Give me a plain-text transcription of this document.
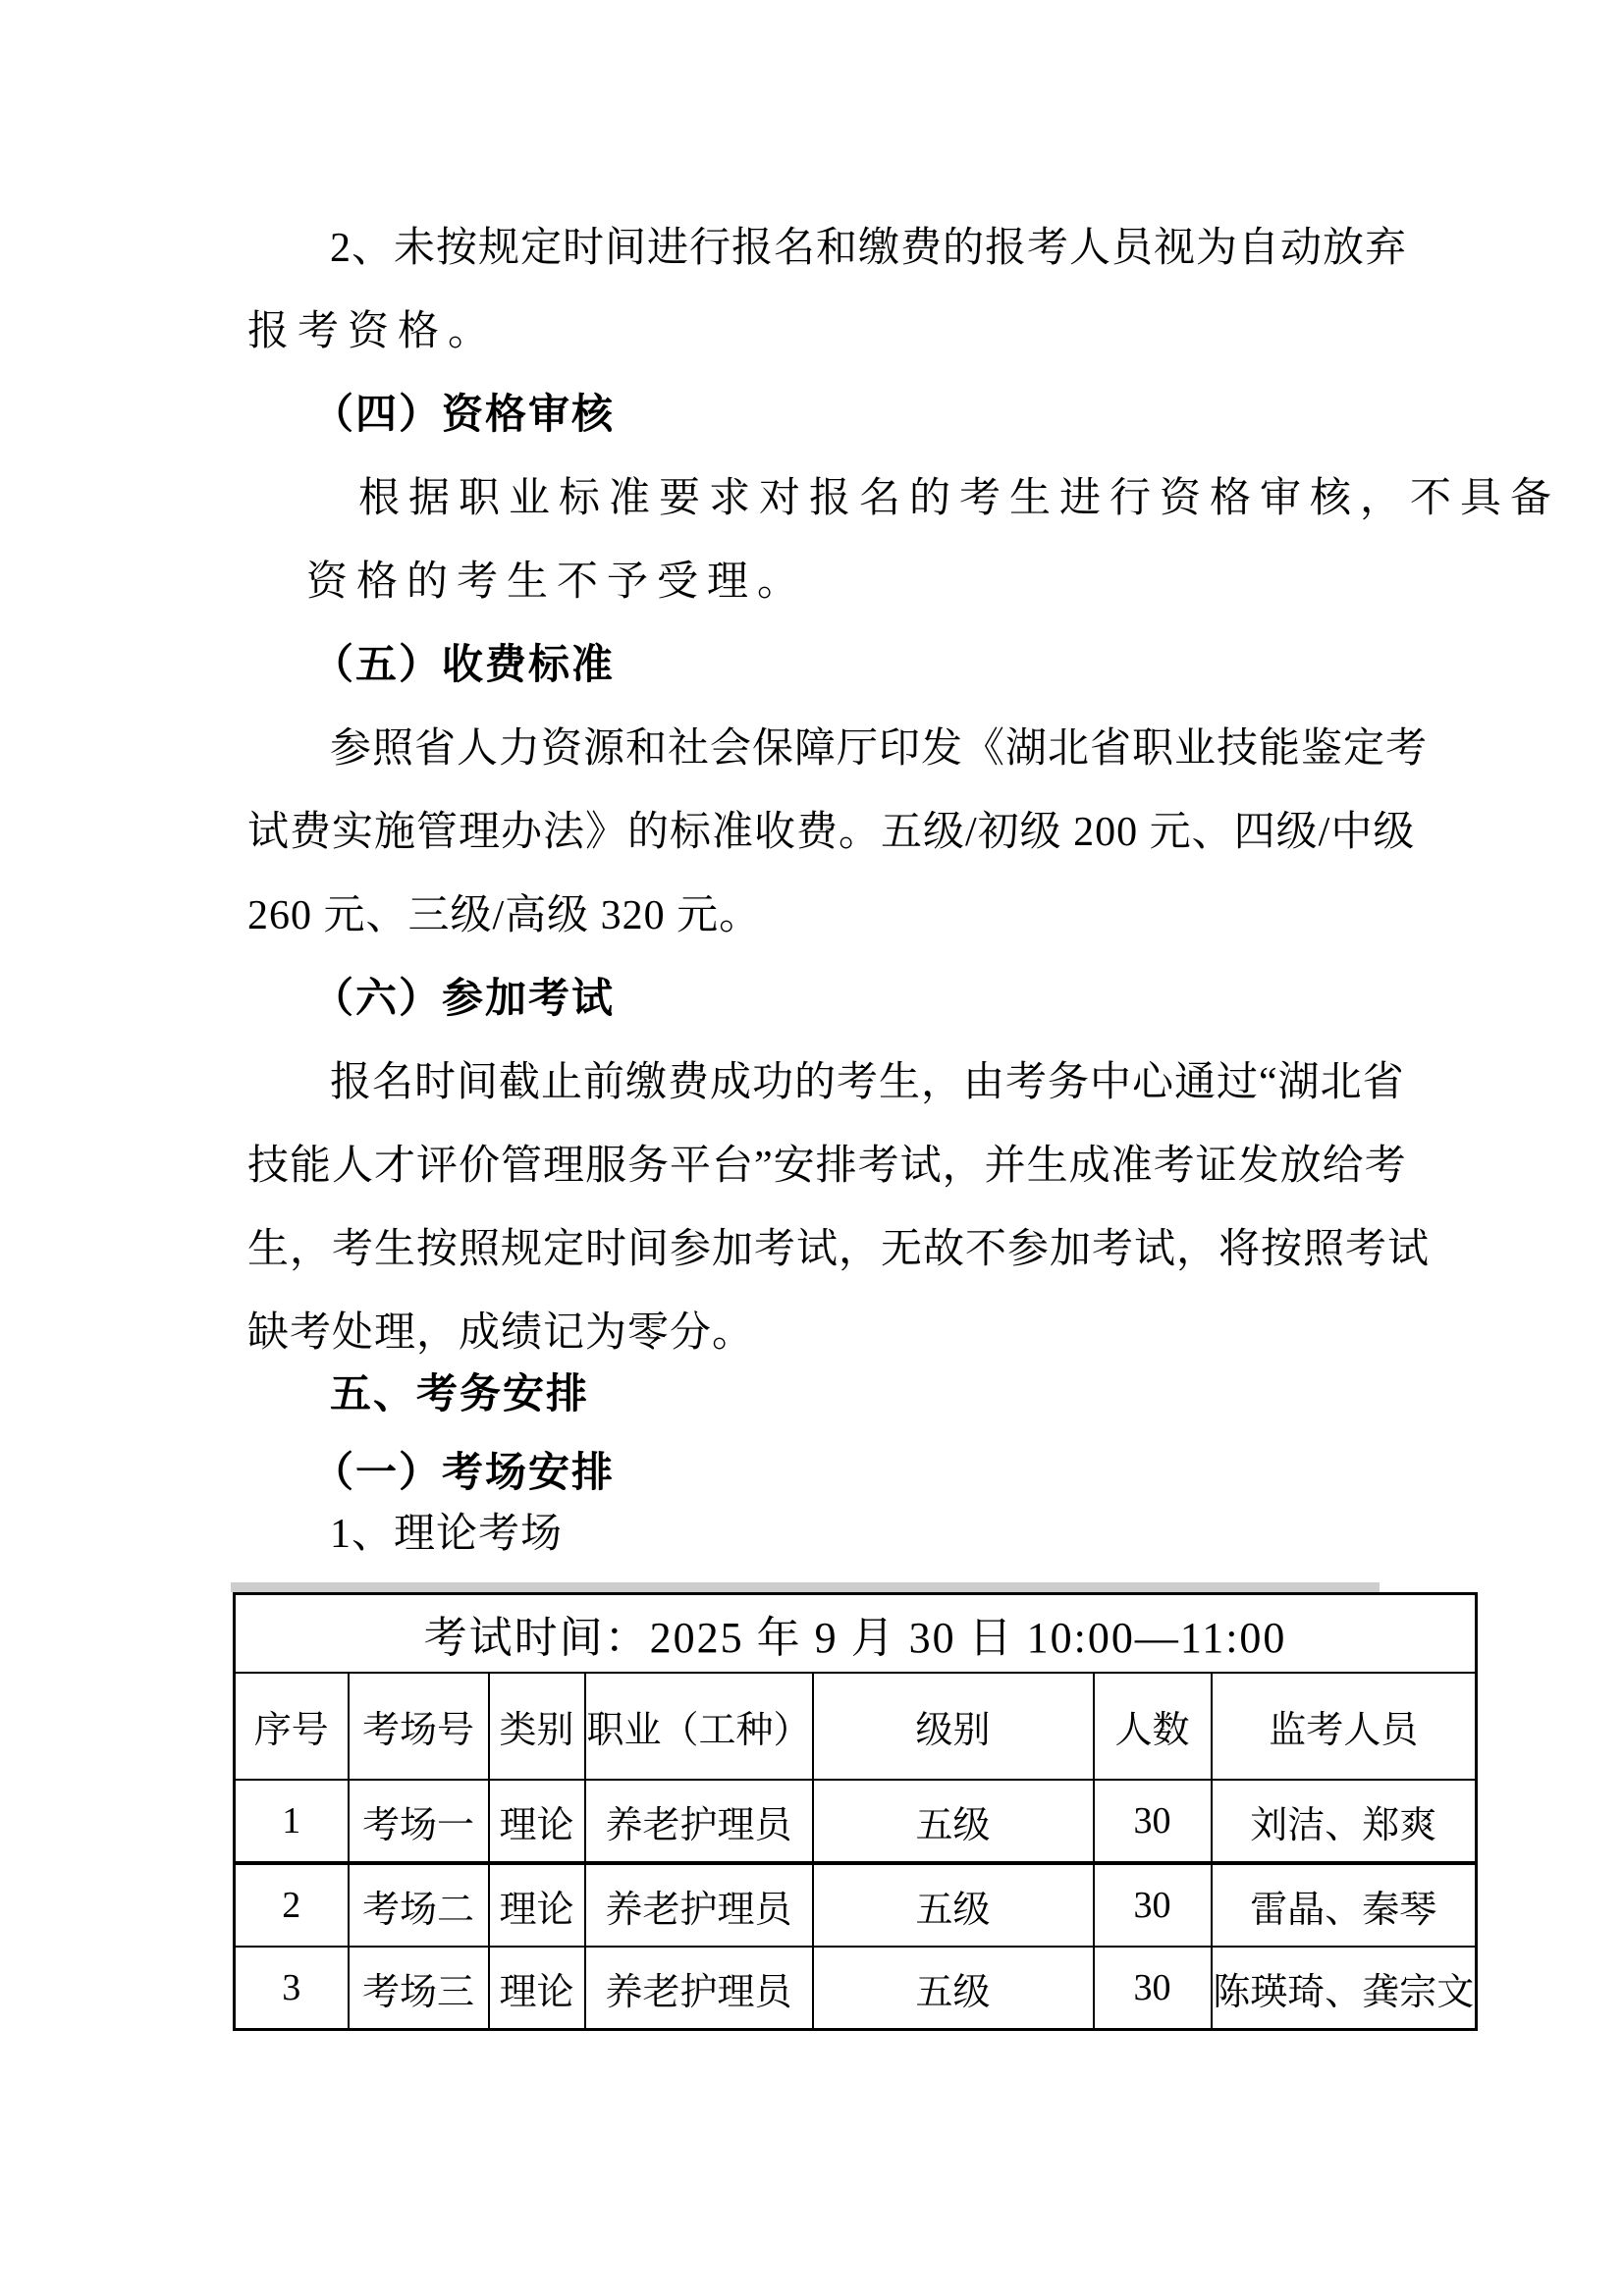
2、未按规定时间进行报名和缴费的报考人员视为自动放弃
报考资格。
（四）资格审核
根据职业标准要求对报名的考生进行资格审核，不具备
资格的考生不予受理。
（五）收费标准
参照省人力资源和社会保障厅印发《湖北省职业技能鉴定考
试费实施管理办法》的标准收费。五级/初级 200 元、四级/中级
260 元、三级/高级 320 元。
（六）参加考试
报名时间截止前缴费成功的考生，由考务中心通过“湖北省
技能人才评价管理服务平台”安排考试，并生成准考证发放给考
生，考生按照规定时间参加考试，无故不参加考试，将按照考试
缺考处理，成绩记为零分。
五、考务安排
（一）考场安排
1、理论考场
考试时间：2025 年 9 月 30 日 10:00—11:00						
序号	考场号	类别	职业（工种）	级别	人数	监考人员
1	考场一	理论	养老护理员	五级	30	刘洁、郑爽
2	考场二	理论	养老护理员	五级	30	雷晶、秦琴
3	考场三	理论	养老护理员	五级	30	陈瑛琦、龚宗文
